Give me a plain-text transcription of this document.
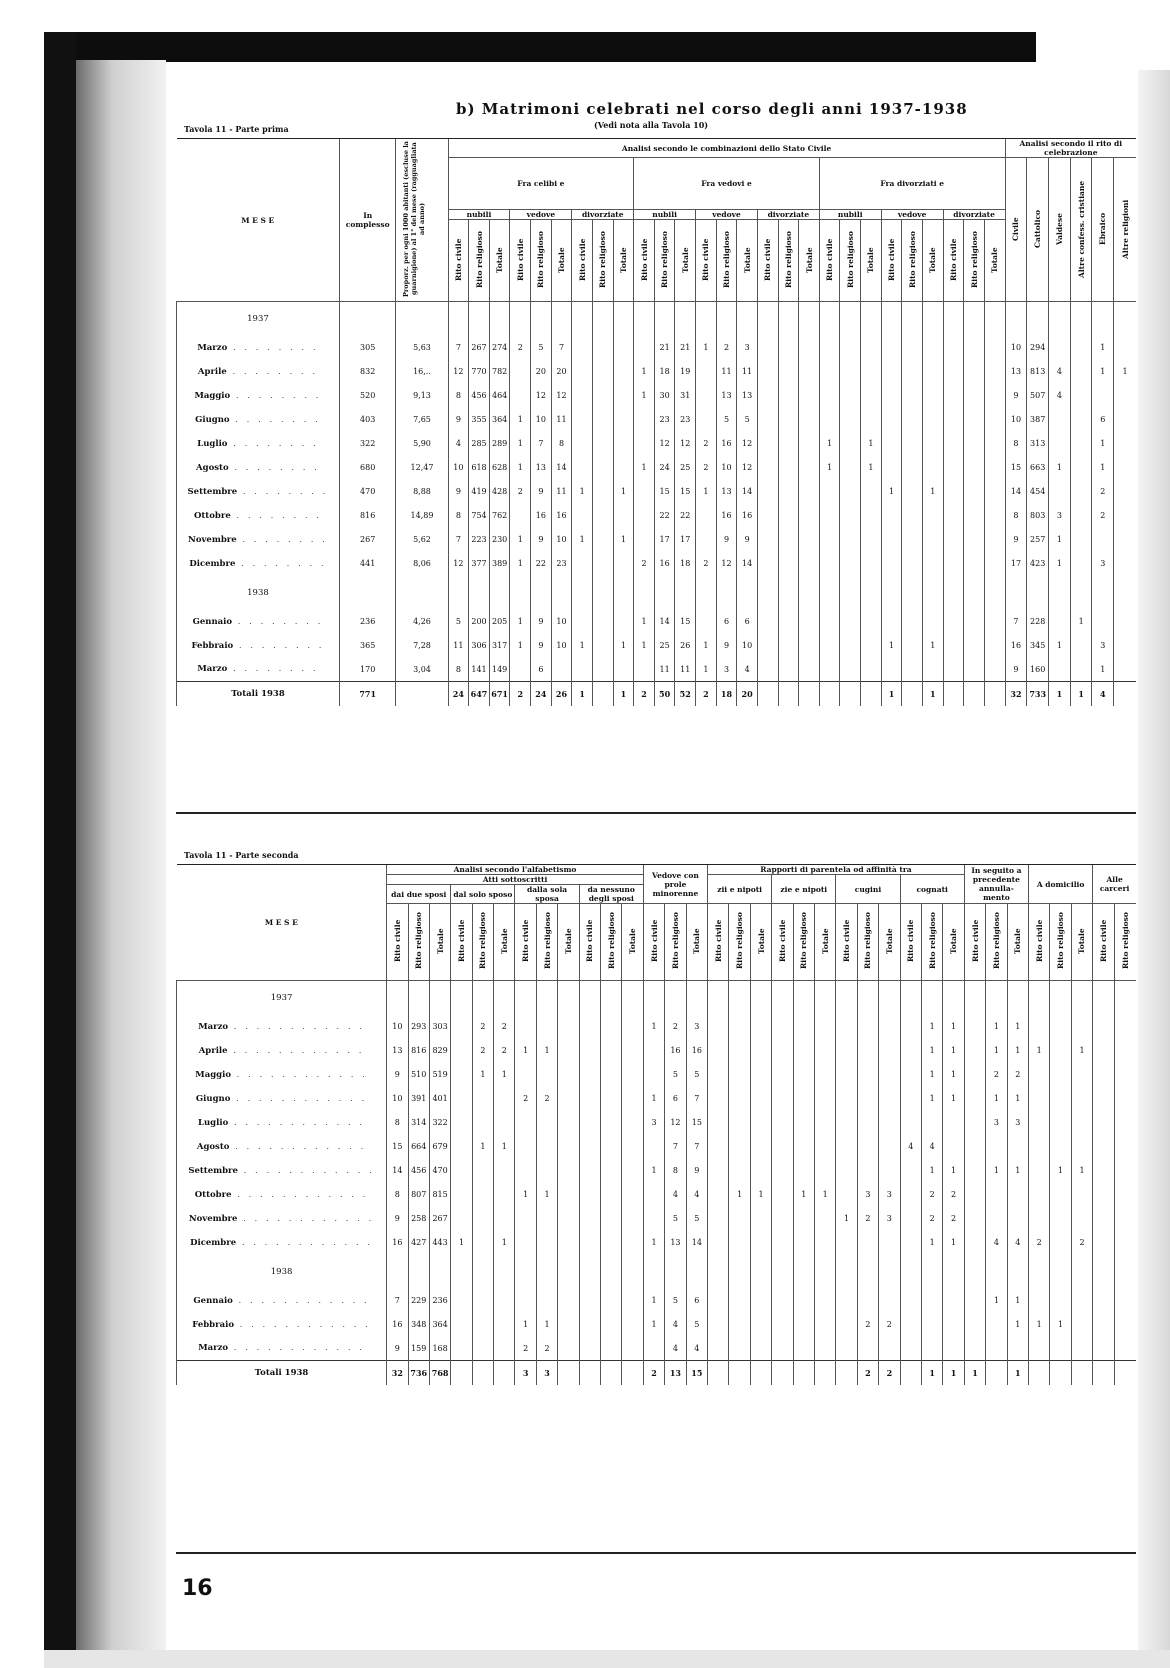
b) Matrimoni celebrati nel corso degli anni 1937-1938
(Vedi nota alla Tavola 10)
Tavola 11 - Parte prima
M E S E	In complesso	Proporz. per ogni 1000 abitanti (escluse la guarnigione) al 1° del mese (ragguagliata ad anno)	Analisi secondo le combinazioni dello Stato Civile																											Analisi secondo il rito di celebrazione					
			Fra celibi e									Fra vedovi e									Fra divorziati e									Civile	Cattolico	Valdese	Altre confess. cristiane	Ebraico	Altre religioni
			nubili			vedove			divorziate			nubili			vedove			divorziate			nubili			vedove			divorziate								
			Rito civile	Rito religioso	Totale	Rito civile	Rito religioso	Totale	Rito civile	Rito religioso	Totale	Rito civile	Rito religioso	Totale	Rito civile	Rito religioso	Totale	Rito civile	Rito religioso	Totale	Rito civile	Rito religioso	Totale	Rito civile	Rito religioso	Totale	Rito civile	Rito religioso	Totale						
1937																																			
Marzo . . . . . . . .	305	5,63	7	267	274	2	5	7					21	21	1	2	3													10	294			1	
Aprile . . . . . . . .	832	16,..	12	770	782		20	20				1	18	19		11	11													13	813	4		1	1
Maggio . . . . . . . .	520	9,13	8	456	464		12	12				1	30	31		13	13													9	507	4			
Giugno . . . . . . . .	403	7,65	9	355	364	1	10	11					23	23		5	5													10	387			6	
Luglio . . . . . . . .	322	5,90	4	285	289	1	7	8					12	12	2	16	12				1		1							8	313			1	
Agosto . . . . . . . .	680	12,47	10	618	628	1	13	14				1	24	25	2	10	12				1		1							15	663	1		1	
Settembre . . . . . . . .	470	8,88	9	419	428	2	9	11	1		1		15	15	1	13	14							1		1				14	454			2	
Ottobre . . . . . . . .	816	14,89	8	754	762		16	16					22	22		16	16													8	803	3		2	
Novembre . . . . . . . .	267	5,62	7	223	230	1	9	10	1		1		17	17		9	9													9	257	1			
Dicembre . . . . . . . .	441	8,06	12	377	389	1	22	23				2	16	18	2	12	14													17	423	1		3	
1938																																			
Gennaio . . . . . . . .	236	4,26	5	200	205	1	9	10				1	14	15		6	6													7	228		1		
Febbraio . . . . . . . .	365	7,28	11	306	317	1	9	10	1		1	1	25	26	1	9	10							1		1				16	345	1		3	
Marzo . . . . . . . .	170	3,04	8	141	149		6						11	11	1	3	4													9	160			1	
Totali 1938	771		24	647	671	2	24	26	1		1	2	50	52	2	18	20							1		1				32	733	1	1	4	
Tavola 11 - Parte seconda
M E S E	Analisi secondo l'alfabetismo												Vedove con prole minorenne			Rapporti di parentela od affinità tra												In seguito a precedente annulla-mento			A domicilio			Alle carceri	
	Atti sottoscritti															zii e nipoti			zie e nipoti			cugini			cognati										
	dai due sposi			dal solo sposo			dalla sola sposa			da nessuno degli sposi																									
	Rito civile	Rito religioso	Totale	Rito civile	Rito religioso	Totale	Rito civile	Rito religioso	Totale	Rito civile	Rito religioso	Totale	Rito civile	Rito religioso	Totale	Rito civile	Rito religioso	Totale	Rito civile	Rito religioso	Totale	Rito civile	Rito religioso	Totale	Rito civile	Rito religioso	Totale	Rito civile	Rito religioso	Totale	Rito civile	Rito religioso	Totale	Rito civile	Rito religioso
1937																																			
Marzo . . . . . . . . . . . .	10	293	303		2	2							1	2	3											1	1		1	1					
Aprile . . . . . . . . . . . .	13	816	829		2	2	1	1						16	16											1	1		1	1	1		1		
Maggio . . . . . . . . . . . .	9	510	519		1	1								5	5											1	1		2	2					
Giugno . . . . . . . . . . . .	10	391	401				2	2					1	6	7											1	1		1	1					
Luglio . . . . . . . . . . . .	8	314	322										3	12	15														3	3					
Agosto . . . . . . . . . . . .	15	664	679		1	1								7	7										4	4									
Settembre . . . . . . . . . . . .	14	456	470										1	8	9											1	1		1	1		1	1		
Ottobre . . . . . . . . . . . .	8	807	815				1	1						4	4		1	1		1	1		3	3		2	2								
Novembre . . . . . . . . . . . .	9	258	267											5	5							1	2	3		2	2								
Dicembre . . . . . . . . . . . .	16	427	443	1		1							1	13	14											1	1		4	4	2		2		
1938																																			
Gennaio . . . . . . . . . . . .	7	229	236										1	5	6														1	1					
Febbraio . . . . . . . . . . . .	16	348	364				1	1					1	4	5								2	2						1	1	1			
Marzo . . . . . . . . . . . .	9	159	168				2	2						4	4																				
Totali 1938	32	736	768				3	3					2	13	15								2	2		1	1	1		1					
16
